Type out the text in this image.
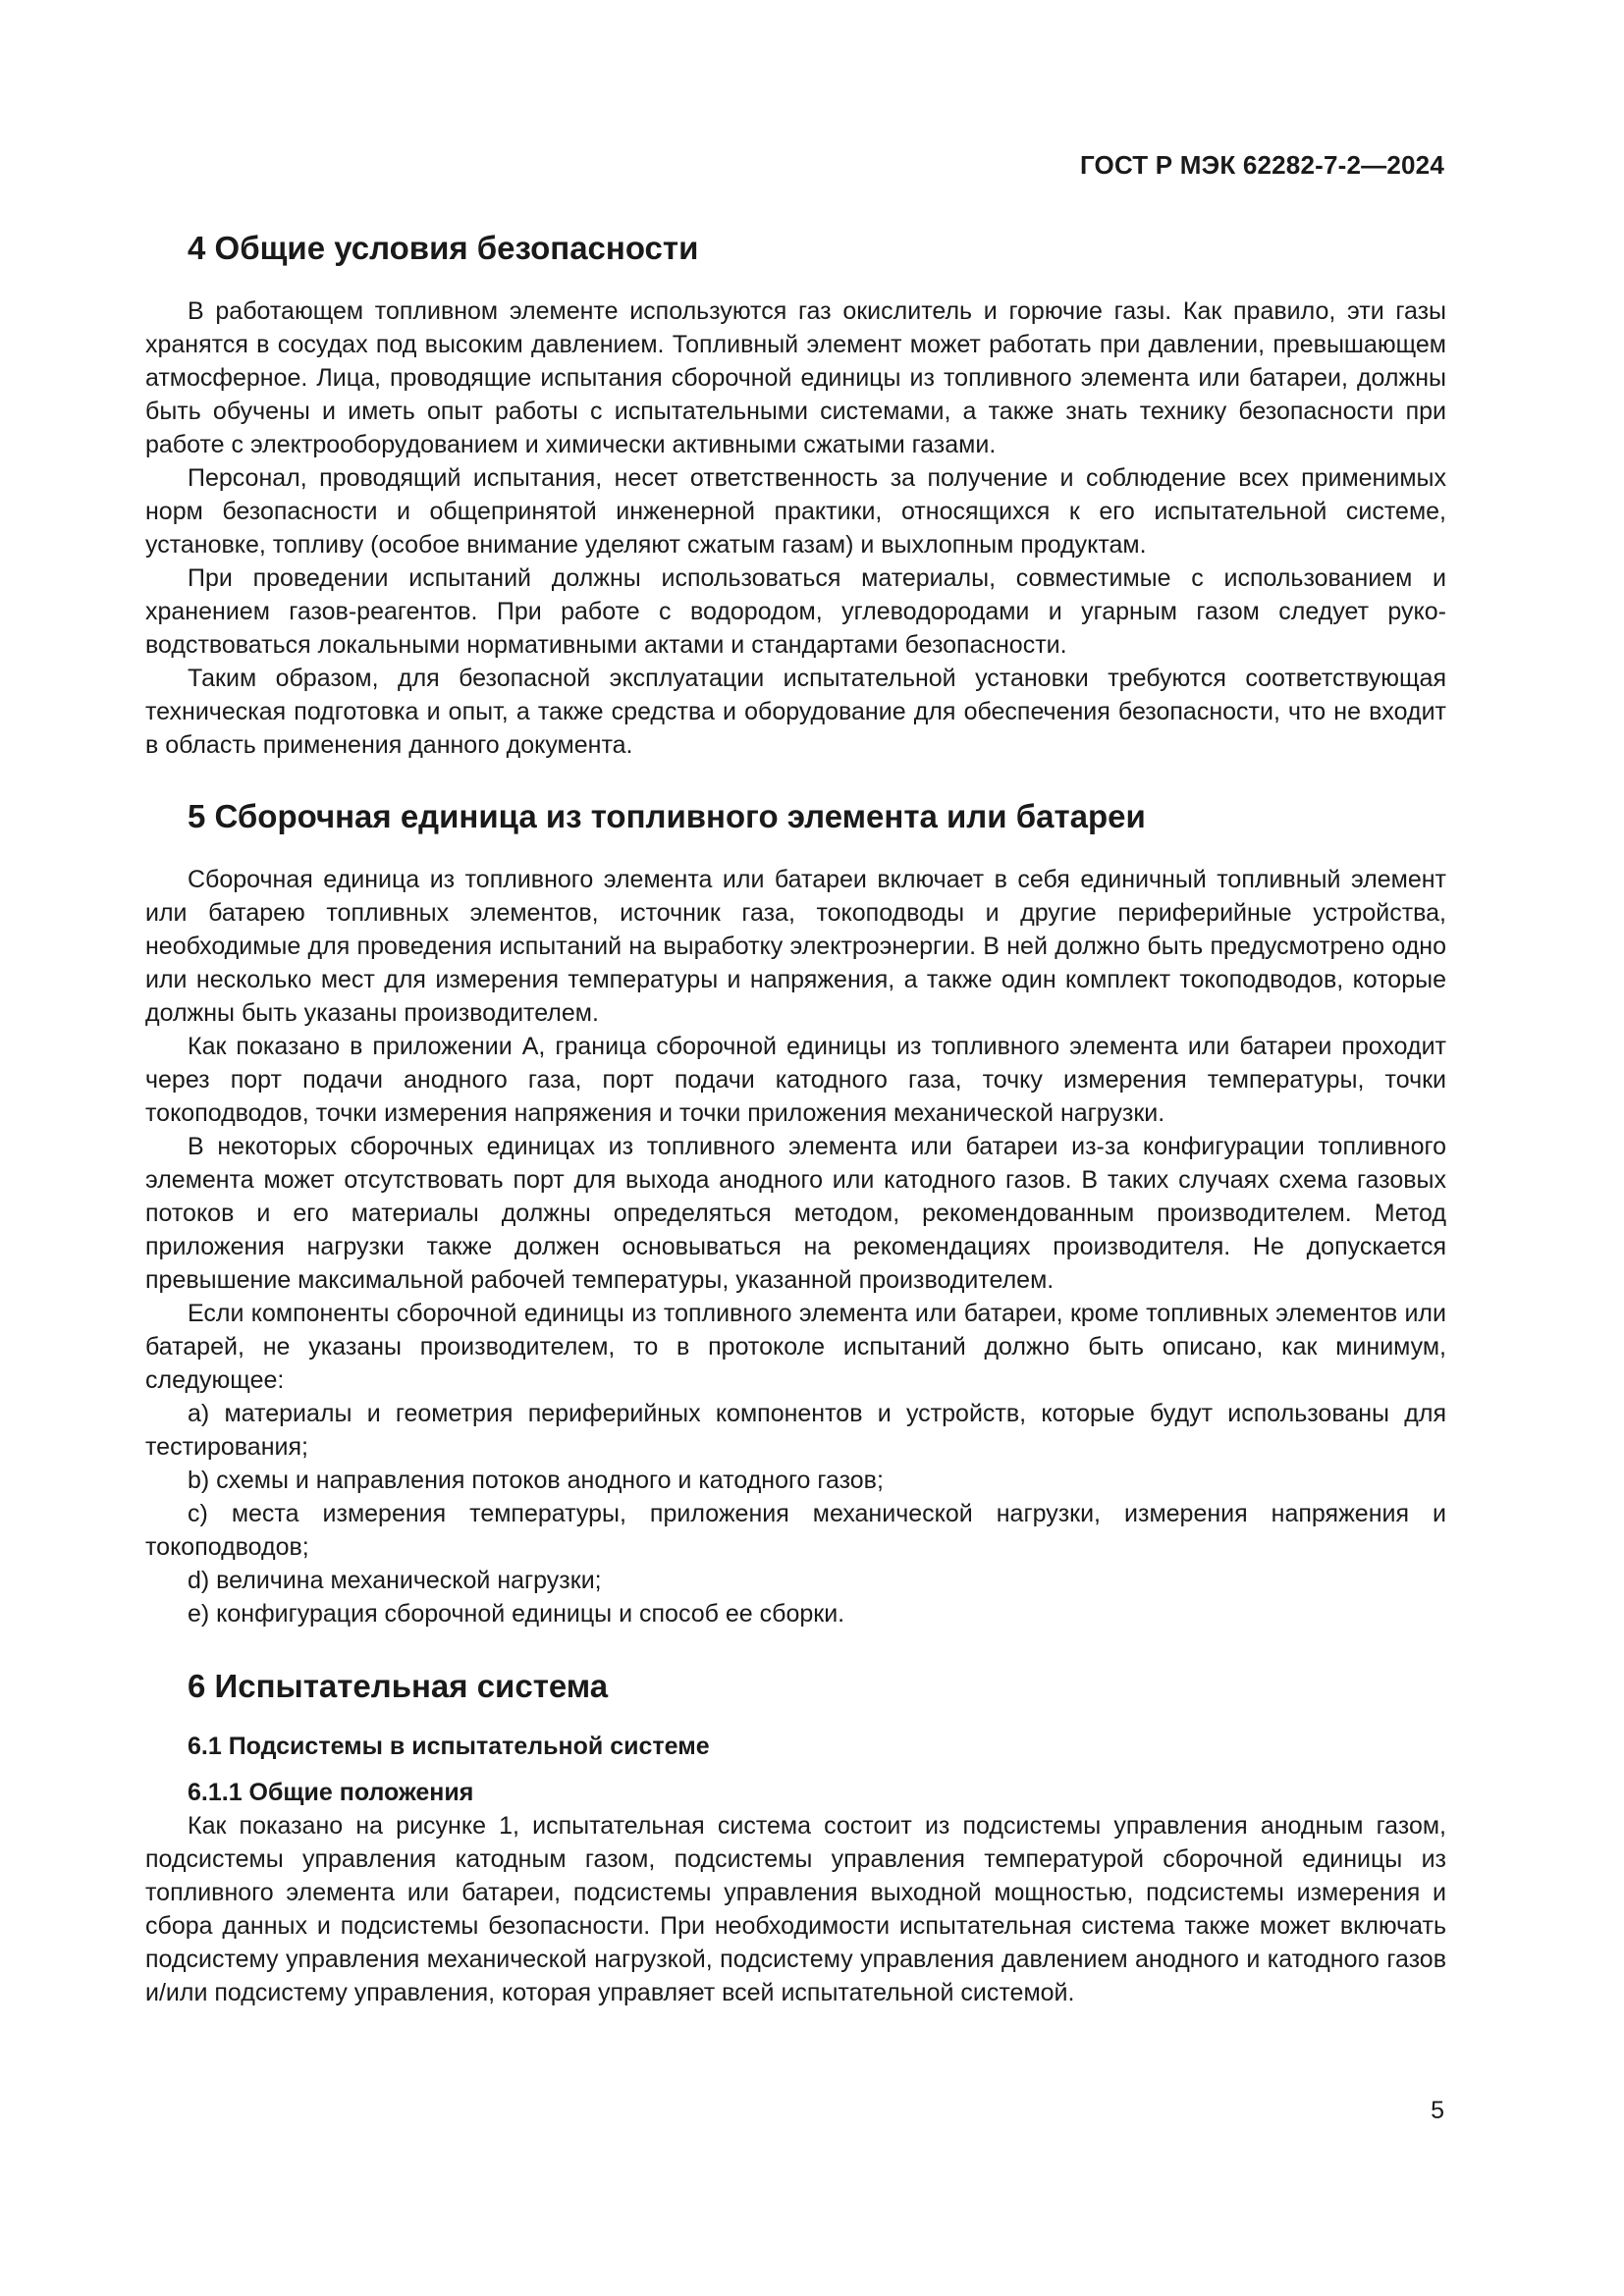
ГОСТ Р МЭК 62282-7-2—2024
4 Общие условия безопасности

В работающем топливном элементе используются газ окислитель и горючие газы. Как правило, эти газы хранятся в сосудах под высоким давлением. Топливный элемент может работать при давлении, превышающем атмосферное. Лица, проводящие испытания сборочной единицы из топливного элемента или батареи, должны быть обучены и иметь опыт работы с испытательными системами, а также знать технику безопасности при работе с электрооборудованием и химически активными сжатыми газами.

Персонал, проводящий испытания, несет ответственность за получение и соблюдение всех применимых норм безопасности и общепринятой инженерной практики, относящихся к его испытательной системе, установке, топливу (особое внимание уделяют сжатым газам) и выхлопным продуктам.

При проведении испытаний должны использоваться материалы, совместимые с использованием и хранением газов-реагентов. При работе с водородом, углеводородами и угарным газом следует руководствоваться локальными нормативными актами и стандартами безопасности.

Таким образом, для безопасной эксплуатации испытательной установки требуются соответствующая техническая подготовка и опыт, а также средства и оборудование для обеспечения безопасности, что не входит в область применения данного документа.

5 Сборочная единица из топливного элемента или батареи

Сборочная единица из топливного элемента или батареи включает в себя единичный топливный элемент или батарею топливных элементов, источник газа, токоподводы и другие периферийные устройства, необходимые для проведения испытаний на выработку электроэнергии. В ней должно быть предусмотрено одно или несколько мест для измерения температуры и напряжения, а также один комплект токоподводов, которые должны быть указаны производителем.

Как показано в приложении А, граница сборочной единицы из топливного элемента или батареи проходит через порт подачи анодного газа, порт подачи катодного газа, точку измерения температуры, точки токоподводов, точки измерения напряжения и точки приложения механической нагрузки.

В некоторых сборочных единицах из топливного элемента или батареи из-за конфигурации топливного элемента может отсутствовать порт для выхода анодного или катодного газов. В таких случаях схема газовых потоков и его материалы должны определяться методом, рекомендованным производителем. Метод приложения нагрузки также должен основываться на рекомендациях производителя. Не допускается превышение максимальной рабочей температуры, указанной производителем.

Если компоненты сборочной единицы из топливного элемента или батареи, кроме топливных элементов или батарей, не указаны производителем, то в протоколе испытаний должно быть описано, как минимум, следующее:

a) материалы и геометрия периферийных компонентов и устройств, которые будут использованы для тестирования;

b) схемы и направления потоков анодного и катодного газов;

c) места измерения температуры, приложения механической нагрузки, измерения напряжения и токоподводов;

d) величина механической нагрузки;

e) конфигурация сборочной единицы и способ ее сборки.

6 Испытательная система
6.1 Подсистемы в испытательной системе
6.1.1 Общие положения

Как показано на рисунке 1, испытательная система состоит из подсистемы управления анодным газом, подсистемы управления катодным газом, подсистемы управления температурой сборочной единицы из топливного элемента или батареи, подсистемы управления выходной мощностью, подсистемы измерения и сбора данных и подсистемы безопасности. При необходимости испытательная система также может включать подсистему управления механической нагрузкой, подсистему управления давлением анодного и катодного газов и/или подсистему управления, которая управляет всей испытательной системой.

5
